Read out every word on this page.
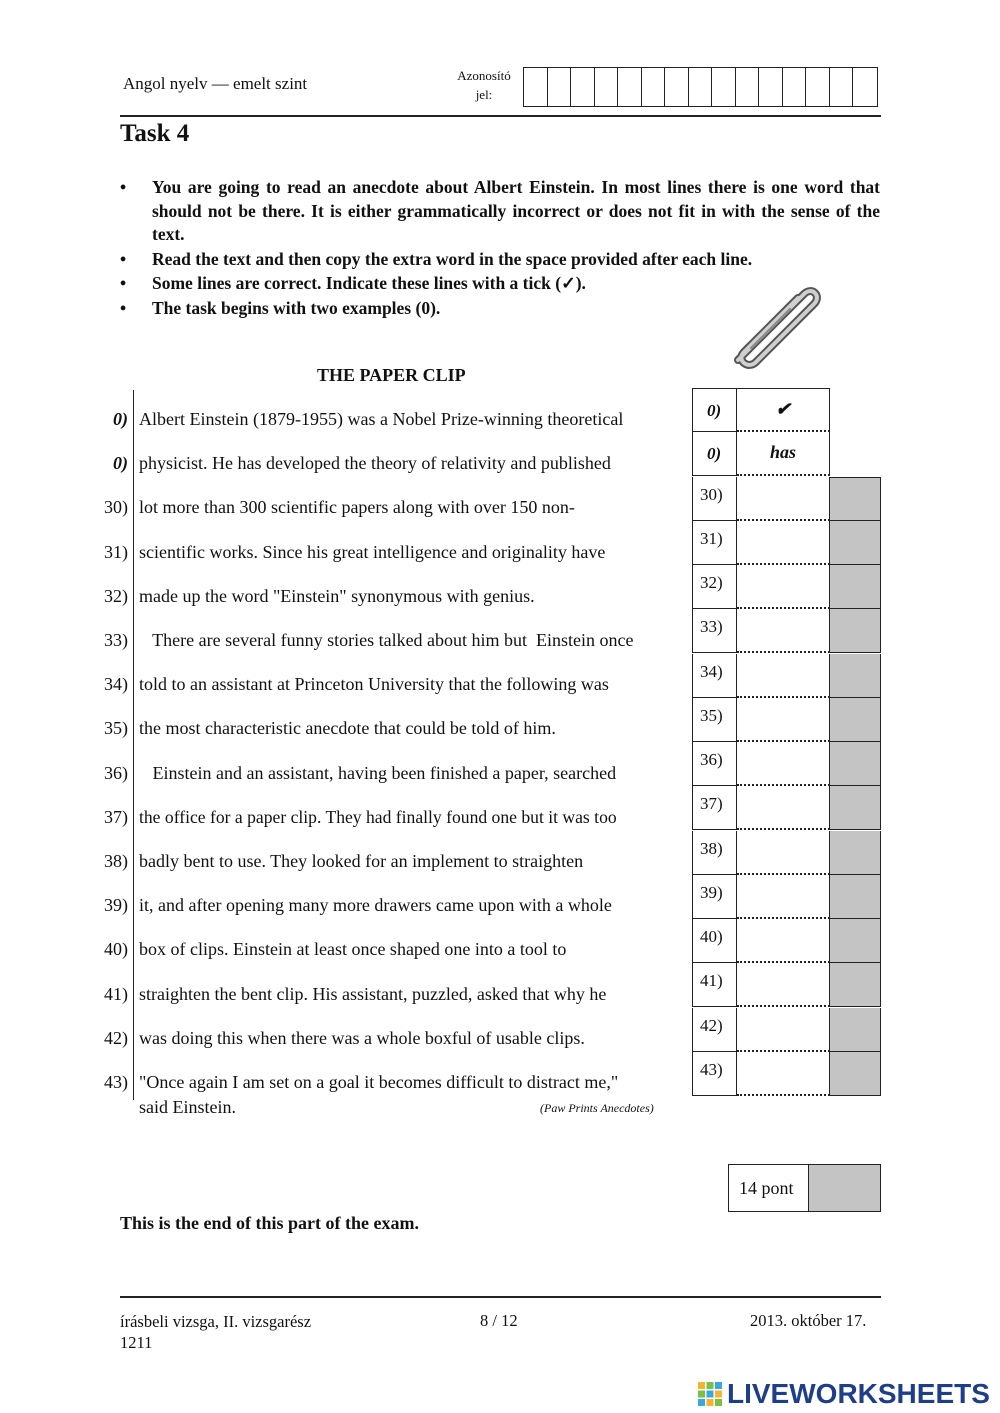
Angol nyelv — emelt szint	Azonosító
jel:
Task 4
• You are going to read an anecdote about Albert Einstein. In most lines there is one word that should not be there. It is either grammatically incorrect or does not fit in with the sense of the text.
• Read the text and then copy the extra word in the space provided after each line.
• Some lines are correct. Indicate these lines with a tick (✓).
• The task begins with two examples (0).
THE PAPER CLIP
0) Albert Einstein (1879-1955) was a Nobel Prize-winning theoretical
0) physicist. He has developed the theory of relativity and published
30) lot more than 300 scientific papers along with over 150 non-
31) scientific works. Since his great intelligence and originality have
32) made up the word "Einstein" synonymous with genius.
33) There are several funny stories talked about him but  Einstein once
34) told to an assistant at Princeton University that the following was
35) the most characteristic anecdote that could be told of him.
36) Einstein and an assistant, having been finished a paper, searched
37) the office for a paper clip. They had finally found one but it was too
38) badly bent to use. They looked for an implement to straighten
39) it, and after opening many more drawers came upon with a whole
40) box of clips. Einstein at least once shaped one into a tool to
41) straighten the bent clip. His assistant, puzzled, asked that why he
42) was doing this when there was a whole boxful of usable clips.
43) "Once again I am set on a goal it becomes difficult to distract me,"
said Einstein.	(Paw Prints Anecdotes)
0)	✔
0)	has
30)
31)
32)
33)
34)
35)
36)
37)
38)
39)
40)
41)
42)
43)
14 pont
This is the end of this part of the exam.
írásbeli vizsga, II. vizsgarész
1211
8 / 12	2013. október 17.
LIVEWORKSHEETS
